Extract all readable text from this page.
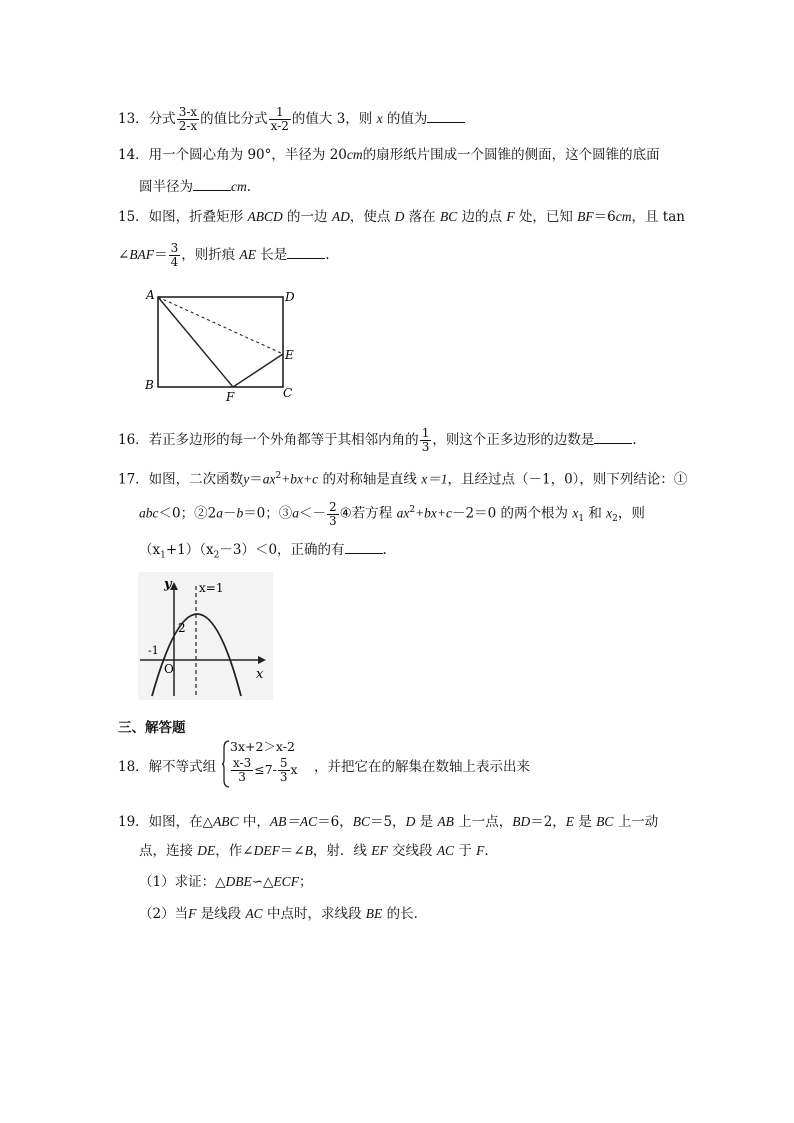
13．分式 $\frac{3-x}{2-x}$ 的值比分式 $\frac{1}{x-2}$ 的值大 3，则 x 的值为
14．用一个圆心角为 90°，半径为 20cm的扇形纸片围成一个圆锥的侧面，这个圆锥的底面
圆半径为	cm.
15．如图，折叠矩形 ABCD 的一边 AD，使点 D 落在 BC 边的点 F 处，已知 BF＝6cm，且 tan
∠BAF＝ $\frac{3}{4}$ ，则折痕 AE 长是	.
A	D
E
B
C
F
16．若正多边形的每一个外角都等于其相邻内角的 $\frac{1}{3}$ ，则这个正多边形的边数是	.
17．如图，二次函数$y=ax^2+bx+c$ 的对称轴是直线 x＝1，且经过点（－1，0），则下列结论：①
abc＜0；②2a－b＝0；③a＜－ $\frac{2}{3}$ ④若方程 $ax^2+bx+c-2=0$ 的两个根为 $x_1$ 和 $x_2$，则
$(x_1+1)(x_2-3)<0$，正确的有	.
y x=1
2
-1
O	x
三、解答题
18．解不等式组
3x+2＞x-2
$\frac{x-3}{3} \le 7- \frac{5}{3}$ x ，并把它在的解集在数轴上表示出来
19．如图，在△ABC 中，AB＝AC＝6，BC＝5，D 是 AB 上一点，BD＝2，E 是 BC 上一动
点，连接 DE，作∠DEF＝∠B，射．线 EF 交线段 AC 于 F.
（1）求证：△DBE∽△ECF；
（2）当F 是线段 AC 中点时，求线段 BE 的长．
